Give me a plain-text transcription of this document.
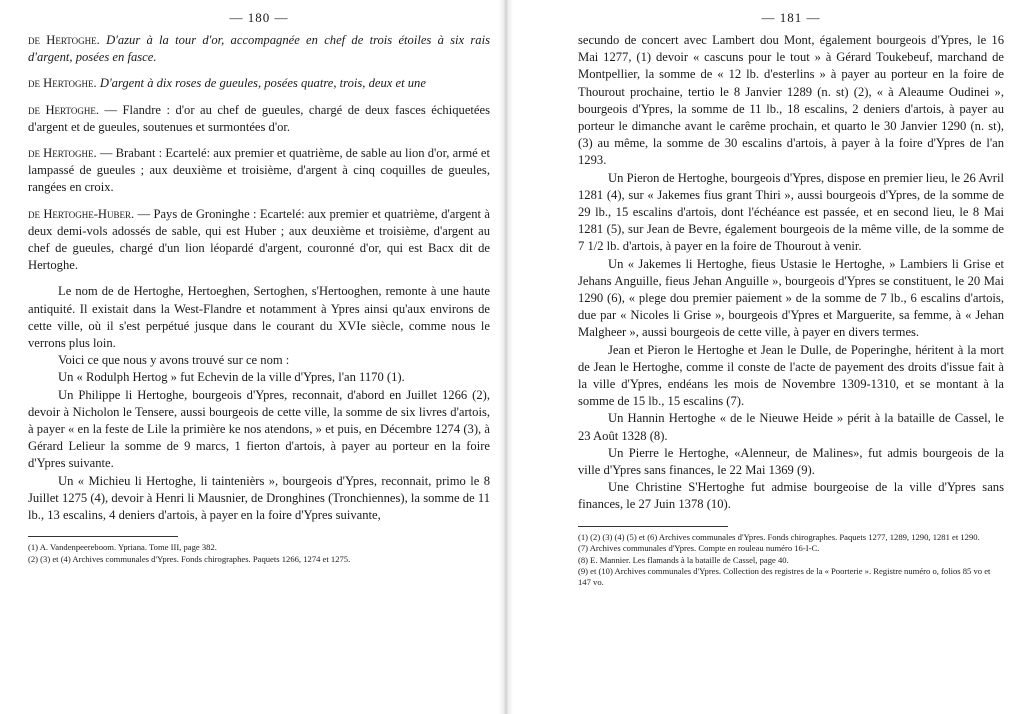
— 180 —

de Hertoghe. D'azur à la tour d'or, accompagnée en chef de trois étoiles à six rais d'argent, posées en fasce.

de Hertoghe. D'argent à dix roses de gueules, posées quatre, trois, deux et une

de Hertoghe. — Flandre : d'or au chef de gueules, chargé de deux fasces échiquetées d'argent et de gueules, soutenues et surmontées d'or.

de Hertoghe. — Brabant : Ecartelé: aux premier et quatrième, de sable au lion d'or, armé et lampassé de gueules ; aux deuxième et troisième, d'argent à cinq coquilles de gueules, rangées en croix.

de Hertoghe-Huber. — Pays de Groninghe : Ecartelé: aux premier et quatrième, d'argent à deux demi-vols adossés de sable, qui est Huber ; aux deuxième et troisième, d'argent au chef de gueules, chargé d'un lion léopardé d'argent, couronné d'or, qui est Bacx dit de Hertoghe.

Le nom de de Hertoghe, Hertoeghen, Sertoghen, s'Hertooghen, remonte à une haute antiquité. Il existait dans la West-Flandre et notamment à Ypres ainsi qu'aux environs de cette ville, où il s'est perpétué jusque dans le courant du XVIe siècle, comme nous le verrons plus loin.

Voici ce que nous y avons trouvé sur ce nom :

Un « Rodulph Hertog » fut Echevin de la ville d'Ypres, l'an 1170 (1).

Un Philippe li Hertoghe, bourgeois d'Ypres, reconnait, d'abord en Juillet 1266 (2), devoir à Nicholon le Tensere, aussi bourgeois de cette ville, la somme de six livres d'artois, à payer « en la feste de Lile la primière ke nos atendons, » et puis, en Décembre 1274 (3), à Gérard Lelieur la somme de 9 marcs, 1 fierton d'artois, à payer au porteur en la foire d'Ypres suivante.

Un « Michieu li Hertoghe, li taintenièrs », bourgeois d'Ypres, reconnait, primo le 8 Juillet 1275 (4), devoir à Henri li Mausnier, de Dronghines (Tronchiennes), la somme de 11 lb., 13 escalins, 4 deniers d'artois, à payer en la foire d'Ypres suivante,

(1) A. Vandenpeereboom. Ypriana. Tome III, page 382.

(2) (3) et (4) Archives communales d'Ypres. Fonds chirographes. Paquets 1266, 1274 et 1275.

— 181 —

secundo de concert avec Lambert dou Mont, également bourgeois d'Ypres, le 16 Mai 1277, (1) devoir « cascuns pour le tout » à Gérard Toukebeuf, marchand de Montpellier, la somme de « 12 lb. d'esterlins » à payer au porteur en la foire de Thourout prochaine, tertio le 8 Janvier 1289 (n. st) (2), « à Aleaume Oudinei », bourgeois d'Ypres, la somme de 11 lb., 18 escalins, 2 deniers d'artois, à payer au porteur le dimanche avant le carême prochain, et quarto le 30 Janvier 1290 (n. st), (3) au même, la somme de 30 escalins d'artois, à payer à la foire d'Ypres de l'an 1293.

Un Pieron de Hertoghe, bourgeois d'Ypres, dispose en premier lieu, le 26 Avril 1281 (4), sur « Jakemes fius grant Thiri », aussi bourgeois d'Ypres, de la somme de 29 lb., 15 escalins d'artois, dont l'échéance est passée, et en second lieu, le 8 Mai 1281 (5), sur Jean de Bevre, également bourgeois de la même ville, de la somme de 7 1/2 lb. d'artois, à payer en la foire de Thourout à venir.

Un « Jakemes li Hertoghe, fieus Ustasie le Hertoghe, » Lambiers li Grise et Jehans Anguille, fieus Jehan Anguille », bourgeois d'Ypres se constituent, le 20 Mai 1290 (6), « plege dou premier paiement » de la somme de 7 lb., 6 escalins d'artois, due par « Nicoles li Grise », bourgeois d'Ypres et Marguerite, sa femme, à « Jehan Malgheer », aussi bourgeois de cette ville, à payer en divers termes.

Jean et Pieron le Hertoghe et Jean le Dulle, de Poperinghe, héritent à la mort de Jean le Hertoghe, comme il conste de l'acte de payement des droits d'issue fait à la ville d'Ypres, endéans les mois de Novembre 1309-1310, et se montant à la somme de 15 lb., 15 escalins (7).

Un Hannin Hertoghe « de le Nieuwe Heide » périt à la bataille de Cassel, le 23 Août 1328 (8).

Un Pierre le Hertoghe, «Alenneur, de Malines», fut admis bourgeois de la ville d'Ypres sans finances, le 22 Mai 1369 (9).

Une Christine S'Hertoghe fut admise bourgeoise de la ville d'Ypres sans finances, le 27 Juin 1378 (10).

(1) (2) (3) (4) (5) et (6) Archives communales d'Ypres. Fonds chirographes. Paquets 1277, 1289, 1290, 1281 et 1290.

(7) Archives communales d'Ypres. Compte en rouleau numéro 16-I-C.

(8) E. Mannier. Les flamands à la bataille de Cassel, page 40.

(9) et (10) Archives communales d'Ypres. Collection des registres de la « Poorterie ». Registre numéro o, folios 85 vo et 147 vo.
